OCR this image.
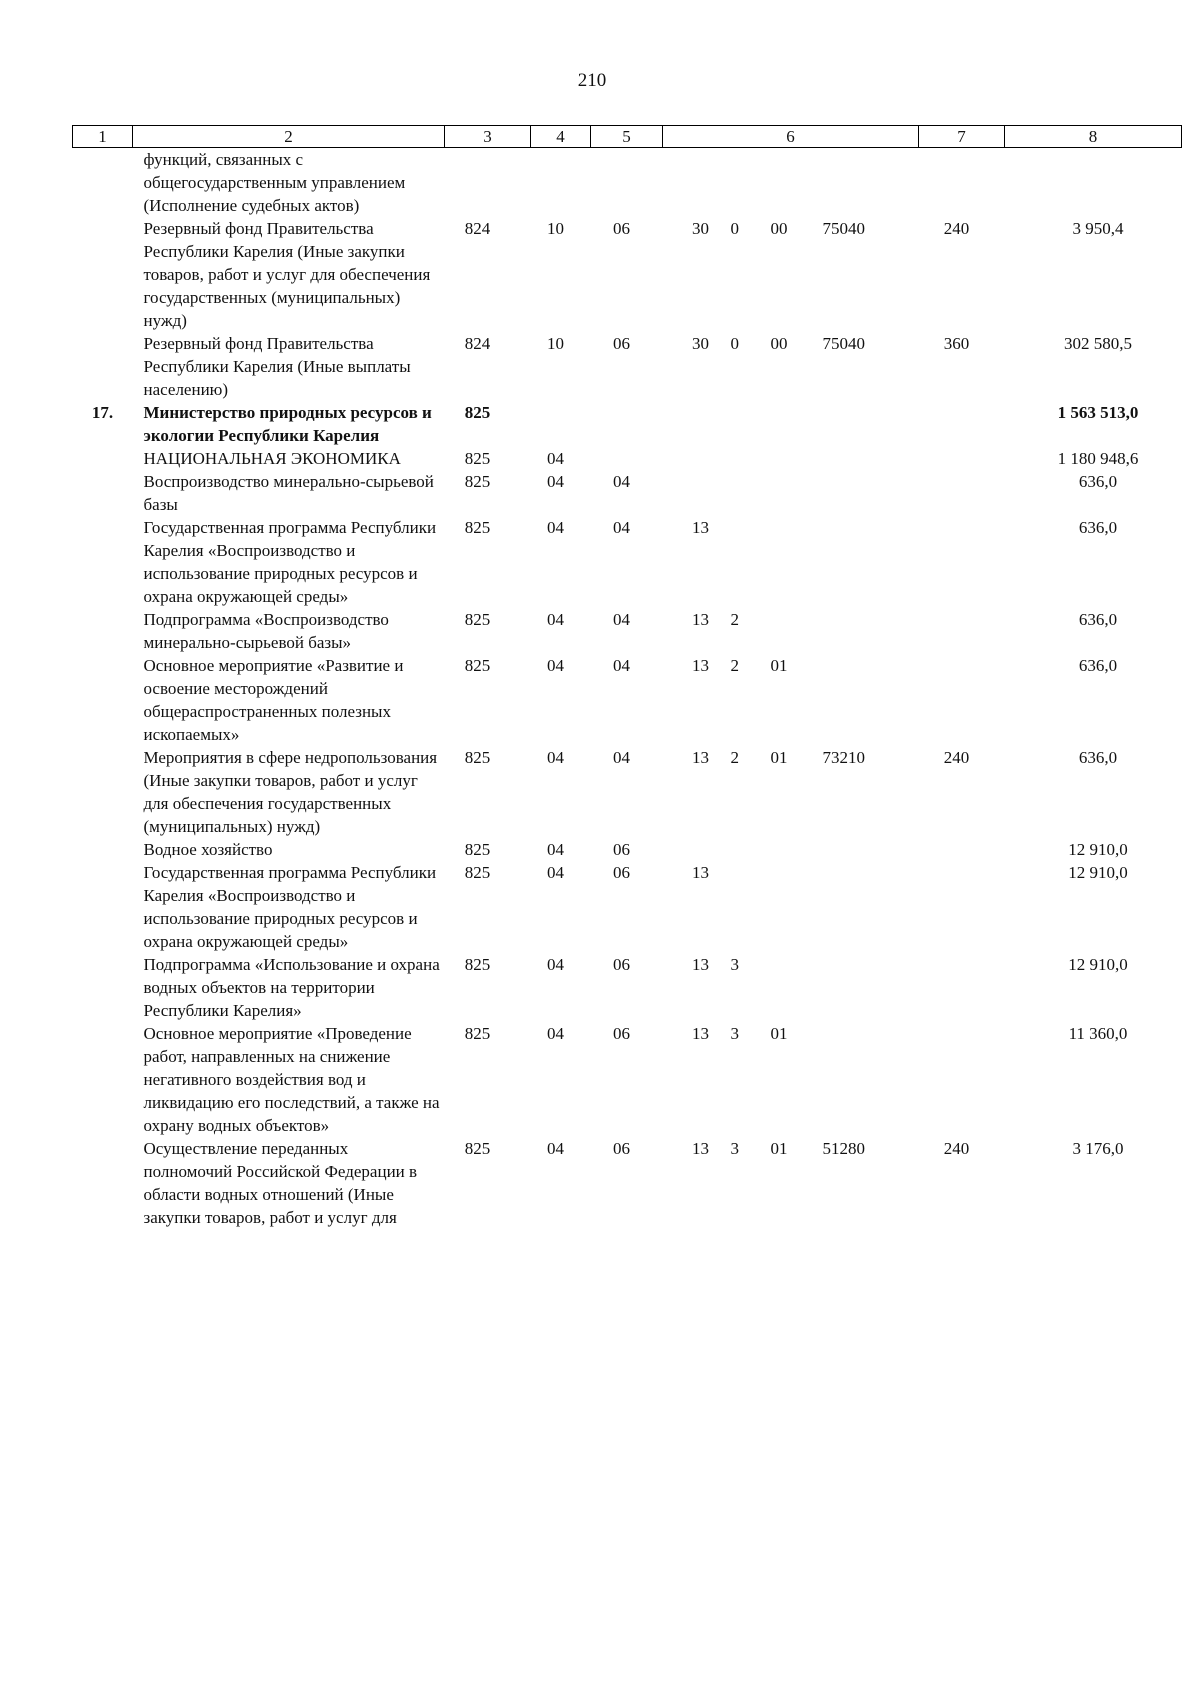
210
1	2	3	4	5	6				7	8
	функций, связанных с общегосударственным управлением (Исполнение судебных актов)									
	Резервный фонд Правительства Республики Карелия (Иные закупки товаров, работ и услуг для обеспечения государственных (муниципальных) нужд)	824	10	06	30	0	00	75040	240	3 950,4
	Резервный фонд Правительства Республики Карелия (Иные выплаты населению)	824	10	06	30	0	00	75040	360	302 580,5
17.	Министерство природных ресурсов и экологии Республики Карелия	825								1 563 513,0
	НАЦИОНАЛЬНАЯ ЭКОНОМИКА	825	04							1 180 948,6
	Воспроизводство минерально-сырьевой базы	825	04	04						636,0
	Государственная программа Республики Карелия «Воспроизводство и использование природных ресурсов и охрана окружающей среды»	825	04	04	13					636,0
	Подпрограмма «Воспроизводство минерально-сырьевой базы»	825	04	04	13	2				636,0
	Основное мероприятие «Развитие и освоение месторождений общераспространенных полезных ископаемых»	825	04	04	13	2	01			636,0
	Мероприятия в сфере недропользования (Иные закупки товаров, работ и услуг для обеспечения государственных (муниципальных) нужд)	825	04	04	13	2	01	73210	240	636,0
	Водное хозяйство	825	04	06						12 910,0
	Государственная программа Республики Карелия «Воспроизводство и использование природных ресурсов и охрана окружающей среды»	825	04	06	13					12 910,0
	Подпрограмма «Использование и охрана водных объектов на территории Республики Карелия»	825	04	06	13	3				12 910,0
	Основное мероприятие «Проведение работ, направленных на снижение негативного воздействия вод и ликвидацию его последствий, а также на охрану водных объектов»	825	04	06	13	3	01			11 360,0
	Осуществление переданных полномочий Российской Федерации в области водных отношений (Иные закупки товаров, работ и услуг для	825	04	06	13	3	01	51280	240	3 176,0
